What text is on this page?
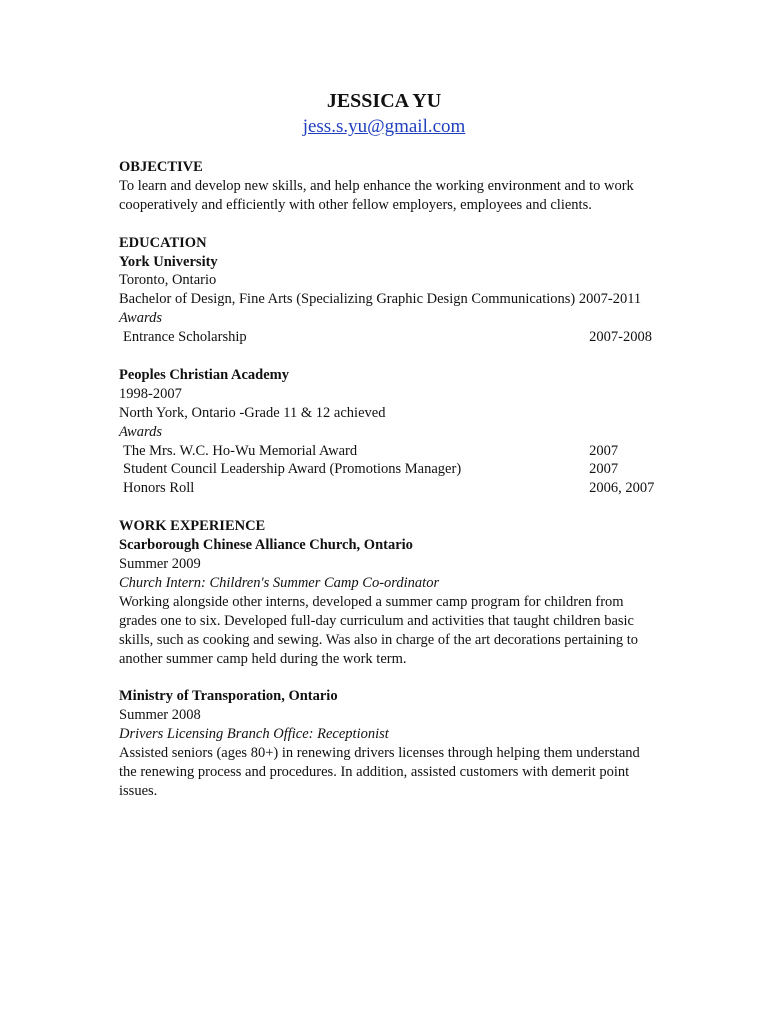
JESSICA YU
jess.s.yu@gmail.com
OBJECTIVE

To learn and develop new skills, and help enhance the working environment and to work cooperatively and efficiently with other fellow employers, employees and clients.

EDUCATION
York University
Toronto, Ontario
Bachelor of Design, Fine Arts (Specializing Graphic Design Communications)
2007-2011
Awards
Entrance Scholarship	2007-2008
Peoples Christian Academy
1998-2007
North York, Ontario -Grade 11 & 12 achieved
Awards
The Mrs. W.C. Ho-Wu Memorial Award	2007
Student Council Leadership Award (Promotions Manager)	2007
Honors Roll	2006, 2007
WORK EXPERIENCE
Scarborough Chinese Alliance Church, Ontario
Summer 2009
Church Intern: Children's Summer Camp Co-ordinator
Working alongside other interns, developed a summer camp program for children from
grades one to six. Developed full-day curriculum and activities that taught children basic
skills, such as cooking and sewing. Was also in charge of the art decorations pertaining to
another summer camp held during the work term.
Ministry of Transporation, Ontario
Summer 2008
Drivers Licensing Branch Office: Receptionist
Assisted seniors (ages 80+) in renewing drivers licenses through helping them understand
the renewing process and procedures. In addition, assisted customers with demerit point
issues.
